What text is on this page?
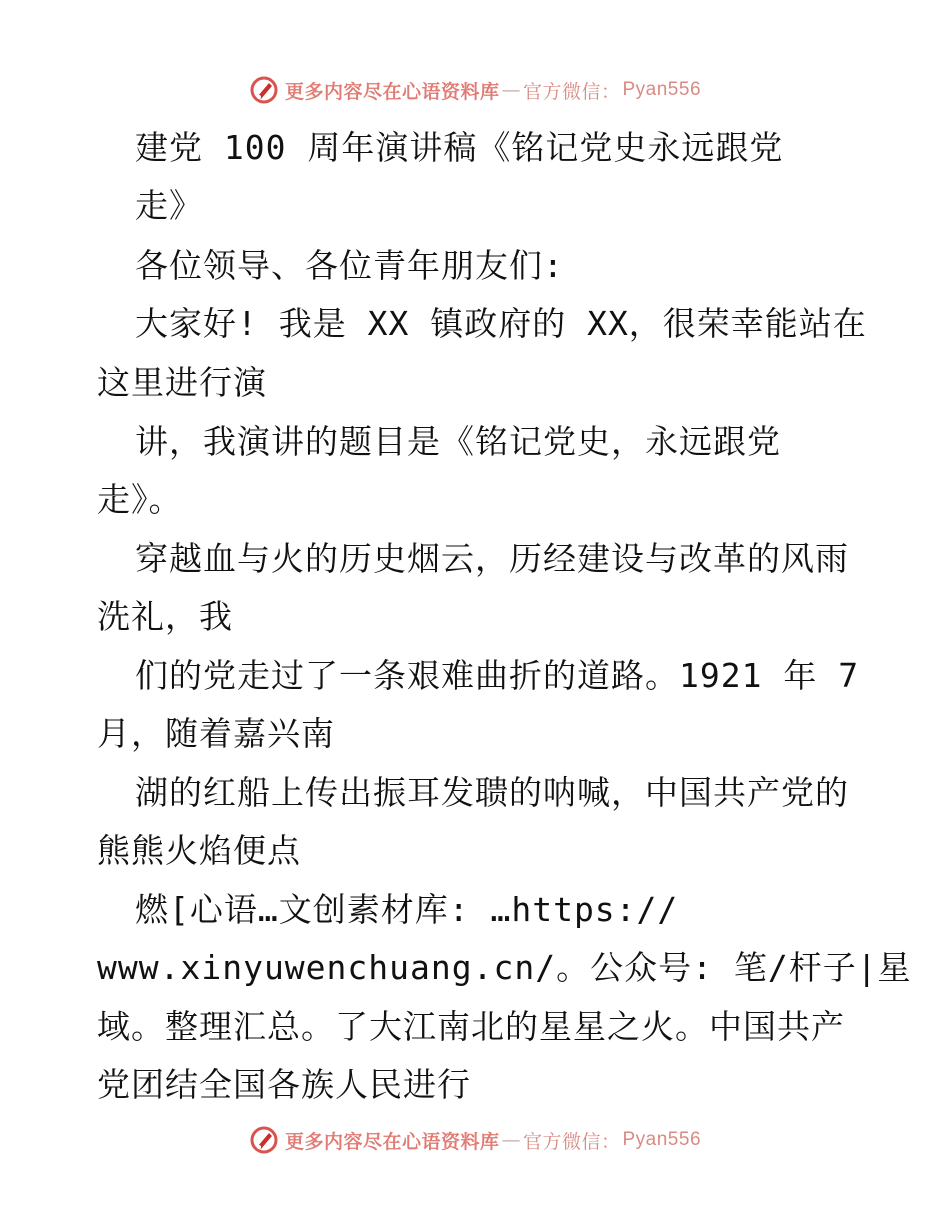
更多内容尽在心语资料库 — 官方微信： Pyan556
建党 100 周年演讲稿《铭记党史永远跟党
走》
各位领导、各位青年朋友们:
大家好! 我是 XX 镇政府的 XX，很荣幸能站在
这里进行演
讲，我演讲的题目是《铭记党史，永远跟党
走》。
穿越血与火的历史烟云，历经建设与改革的风雨
洗礼，我
们的党走过了一条艰难曲折的道路。1921 年 7
月，随着嘉兴南
湖的红船上传出振耳发聩的呐喊，中国共产党的
熊熊火焰便点
燃[心语…文创素材库: …https://
www.xinyuwenchuang.cn/。公众号: 笔/杆子|星
域。整理汇总。了大江南北的星星之火。中国共产
党团结全国各族人民进行
更多内容尽在心语资料库 — 官方微信： Pyan556
